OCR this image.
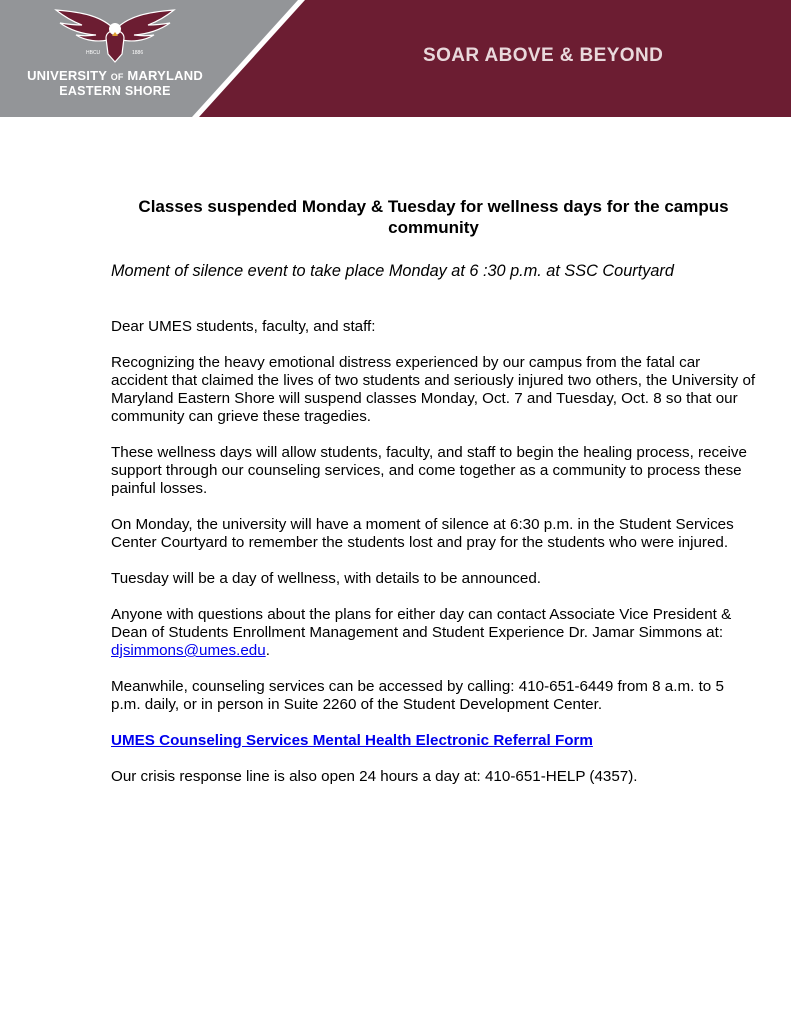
HBCU	1886
UNIVERSITY OF MARYLAND
EASTERN SHORE
SOAR ABOVE & BEYOND
Classes suspended Monday & Tuesday for wellness days for the campus community
Moment of silence event to take place Monday at 6 :30 p.m. at SSC Courtyard

Dear UMES students, faculty, and staff:

Recognizing the heavy emotional distress experienced by our campus from the fatal car accident that claimed the lives of two students and seriously injured two others, the University of Maryland Eastern Shore will suspend classes Monday, Oct. 7 and Tuesday, Oct. 8 so that our community can grieve these tragedies.

These wellness days will allow students, faculty, and staff to begin the healing process, receive support through our counseling services, and come together as a community to process these painful losses.

On Monday, the university will have a moment of silence at 6:30 p.m. in the Student Services Center Courtyard to remember the students lost and pray for the students who were injured.

Tuesday will be a day of wellness, with details to be announced.

Anyone with questions about the plans for either day can contact Associate Vice President & Dean of Students Enrollment Management and Student Experience Dr. Jamar Simmons at: djsimmons@umes.edu.

Meanwhile, counseling services can be accessed by calling: 410-651-6449 from 8 a.m. to 5 p.m. daily, or in person in Suite 2260 of the Student Development Center.

UMES Counseling Services Mental Health Electronic Referral Form

Our crisis response line is also open 24 hours a day at: 410-651-HELP (4357).
